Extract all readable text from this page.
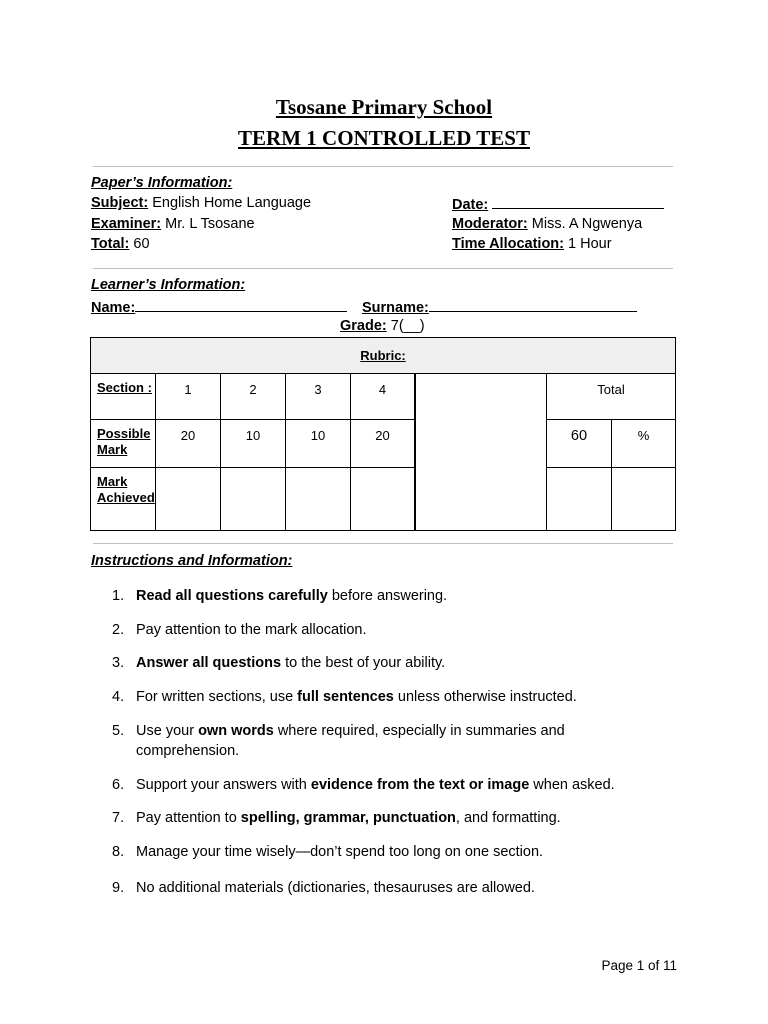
Tsosane Primary School
TERM 1 CONTROLLED TEST
Paper’s Information:
Subject: English Home Language
Examiner: Mr. L Tsosane
Total: 60
Date:
Moderator: Miss. A Ngwenya
Time Allocation: 1 Hour
Learner’s Information:
Name:	Surname:
Grade: 7(__)
Rubric:							
Section :	1	2	3	4		Total	
Possible Mark	20	10	10	20		60	%
Mark Achieved							
Instructions and Information:
1. Read all questions carefully before answering.
2. Pay attention to the mark allocation.
3. Answer all questions to the best of your ability.
4. For written sections, use full sentences unless otherwise instructed.
5. Use your own words where required, especially in summaries and comprehension.
6. Support your answers with evidence from the text or image when asked.
7. Pay attention to spelling, grammar, punctuation, and formatting.
8. Manage your time wisely—don’t spend too long on one section.
9. No additional materials (dictionaries, thesauruses are allowed.
Page 1 of 11
